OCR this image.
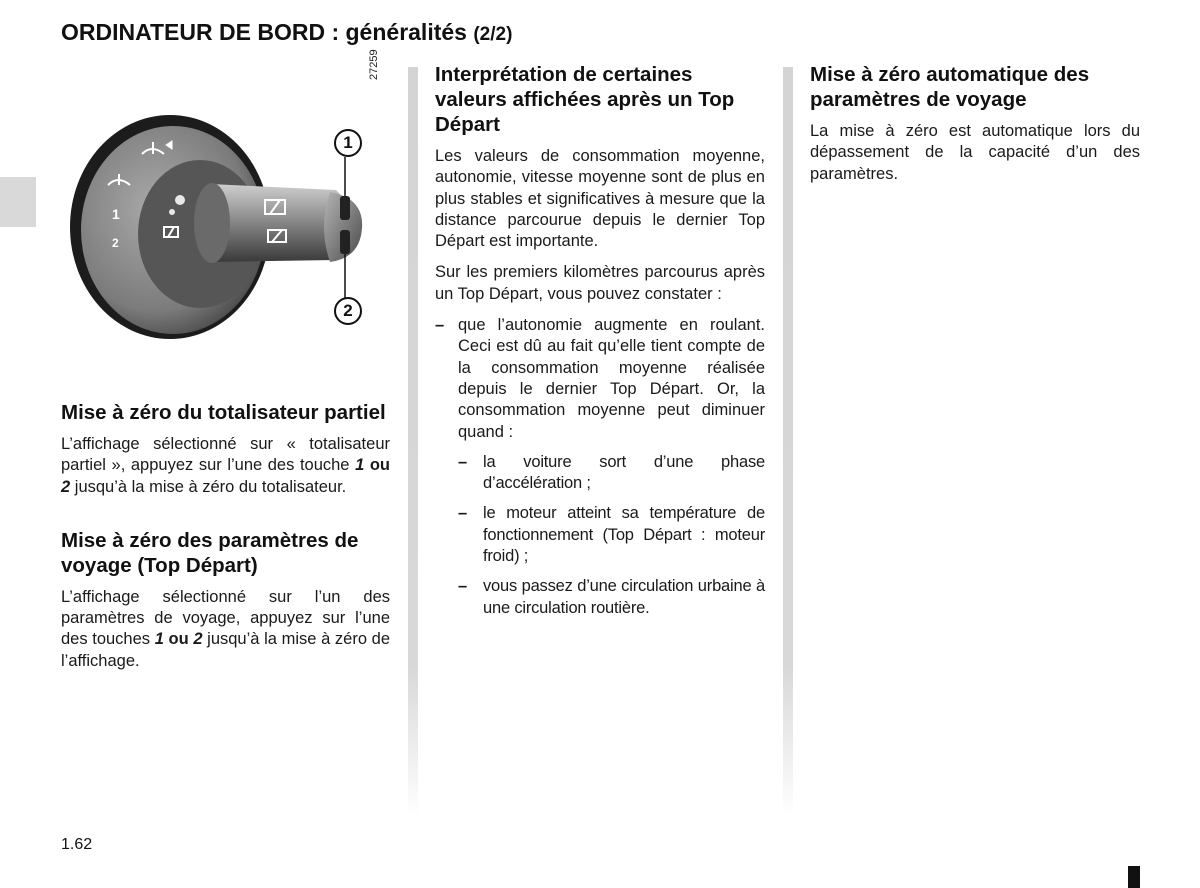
ORDINATEUR DE BORD : généralités (2/2)
1
2
27259
1
2
Mise à zéro du totalisateur partiel

L’affichage sélectionné sur « totalisateur partiel », appuyez sur l’une des touche 1 ou 2 jusqu’à la mise à zéro du totalisateur.

Mise à zéro des paramètres de voyage (Top Départ)

L’affichage sélectionné sur l’un des paramètres de voyage, appuyez sur l’une des touches 1 ou 2 jusqu’à la mise à zéro de l’affichage.

Interprétation de certaines valeurs affichées après un Top Départ

Les valeurs de consommation moyenne, autonomie, vitesse moyenne sont de plus en plus stables et significatives à mesure que la distance parcourue depuis le dernier Top Départ est importante.

Sur les premiers kilomètres parcourus après un Top Départ, vous pouvez constater :

– que l’autonomie augmente en roulant. Ceci est dû au fait qu’elle tient compte de la consommation moyenne réalisée depuis le dernier Top Départ. Or, la consommation moyenne peut diminuer quand :
– la voiture sort d’une phase d’accélération ;
– le moteur atteint sa température de fonctionnement (Top Départ : moteur froid) ;
– vous passez d’une circulation urbaine à une circulation routière.
Mise à zéro automatique des paramètres de voyage

La mise à zéro est automatique lors du dépassement de la capacité d’un des paramètres.

1.62
